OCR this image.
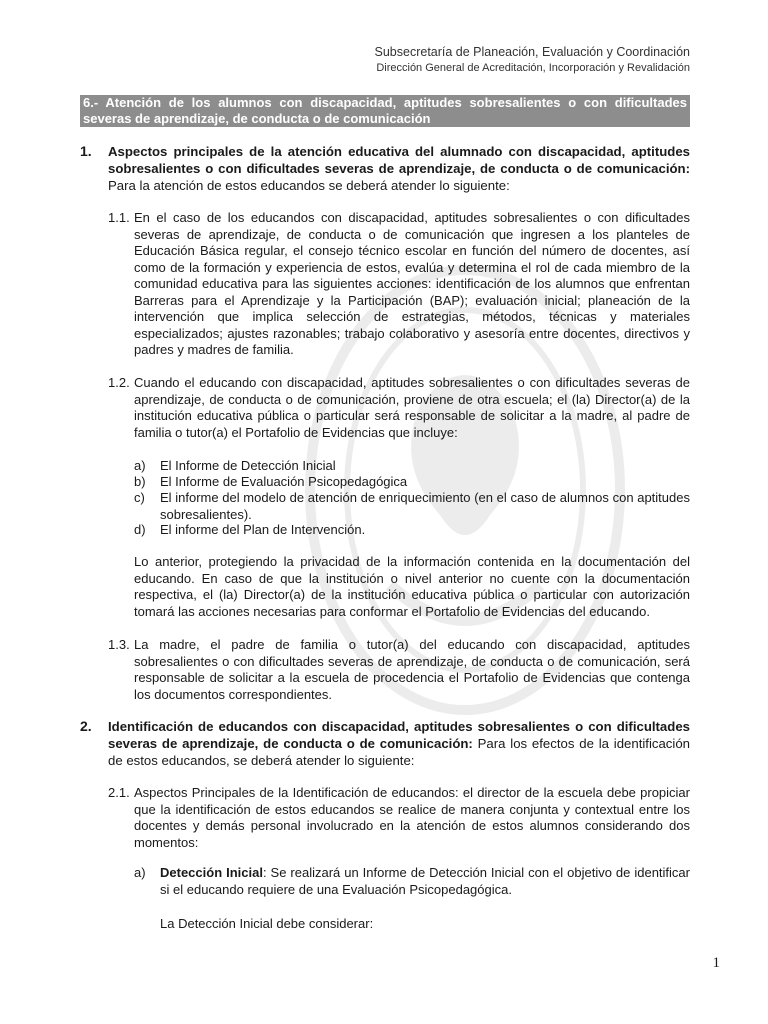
Subsecretaría de Planeación, Evaluación y Coordinación
Dirección General de Acreditación, Incorporación y Revalidación
6.- Atención de los alumnos con discapacidad, aptitudes sobresalientes o con dificultades severas de aprendizaje, de conducta o de comunicación
1. Aspectos principales de la atención educativa del alumnado con discapacidad, aptitudes sobresalientes o con dificultades severas de aprendizaje, de conducta o de comunicación: Para la atención de estos educandos se deberá atender lo siguiente:
1.1. En el caso de los educandos con discapacidad, aptitudes sobresalientes o con dificultades severas de aprendizaje, de conducta o de comunicación que ingresen a los planteles de Educación Básica regular, el consejo técnico escolar en función del número de docentes, así como de la formación y experiencia de estos, evalúa y determina el rol de cada miembro de la comunidad educativa para las siguientes acciones: identificación de los alumnos que enfrentan Barreras para el Aprendizaje y la Participación (BAP); evaluación inicial; planeación de la intervención que implica selección de estrategias, métodos, técnicas y materiales especializados; ajustes razonables; trabajo colaborativo y asesoría entre docentes, directivos y padres y madres de familia.
1.2. Cuando el educando con discapacidad, aptitudes sobresalientes o con dificultades severas de aprendizaje, de conducta o de comunicación, proviene de otra escuela; el (la) Director(a) de la institución educativa pública o particular será responsable de solicitar a la madre, al padre de familia o tutor(a) el Portafolio de Evidencias que incluye:
a) El Informe de Detección Inicial
b) El Informe de Evaluación Psicopedagógica
c) El informe del modelo de atención de enriquecimiento (en el caso de alumnos con aptitudes sobresalientes).
d) El informe del Plan de Intervención.
Lo anterior, protegiendo la privacidad de la información contenida en la documentación del educando. En caso de que la institución o nivel anterior no cuente con la documentación respectiva, el (la) Director(a) de la institución educativa pública o particular con autorización tomará las acciones necesarias para conformar el Portafolio de Evidencias del educando.
1.3. La madre, el padre de familia o tutor(a) del educando con discapacidad, aptitudes sobresalientes o con dificultades severas de aprendizaje, de conducta o de comunicación, será responsable de solicitar a la escuela de procedencia el Portafolio de Evidencias que contenga los documentos correspondientes.
2. Identificación de educandos con discapacidad, aptitudes sobresalientes o con dificultades severas de aprendizaje, de conducta o de comunicación: Para los efectos de la identificación de estos educandos, se deberá atender lo siguiente:
2.1. Aspectos Principales de la Identificación de educandos: el director de la escuela debe propiciar que la identificación de estos educandos se realice de manera conjunta y contextual entre los docentes y demás personal involucrado en la atención de estos alumnos considerando dos momentos:
a) Detección Inicial: Se realizará un Informe de Detección Inicial con el objetivo de identificar si el educando requiere de una Evaluación Psicopedagógica.
La Detección Inicial debe considerar:
1
